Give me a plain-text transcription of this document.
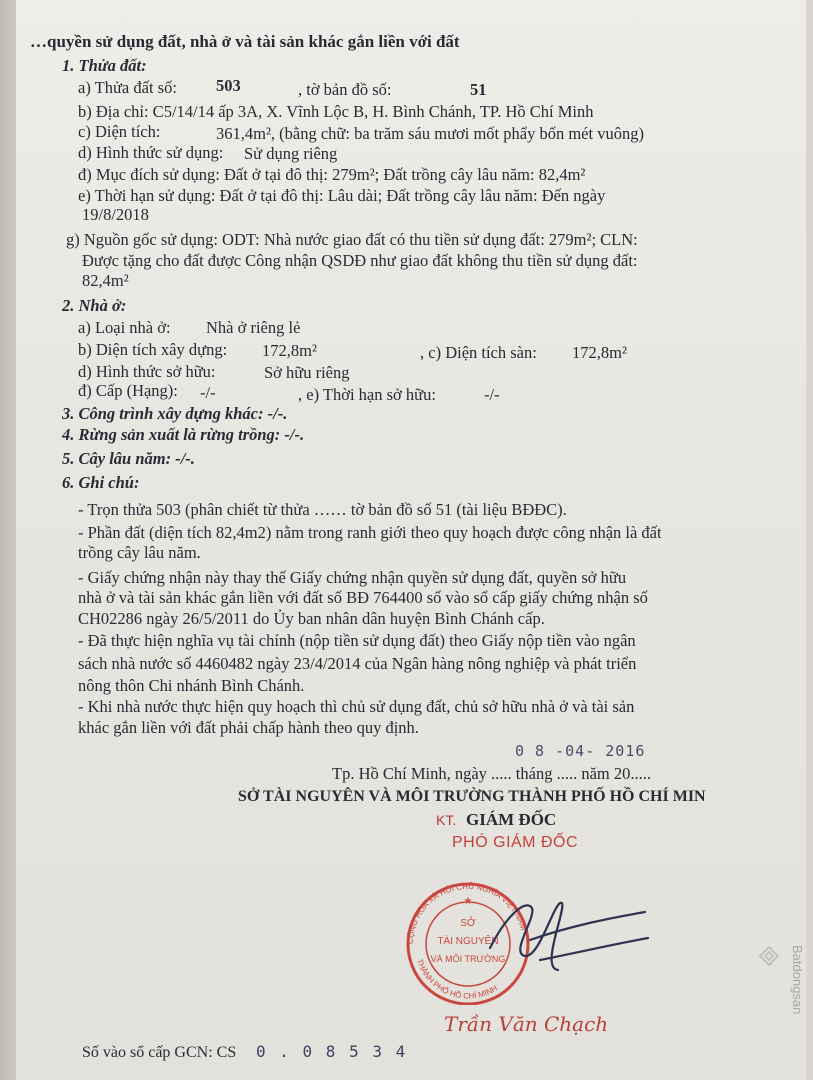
…quyền sử dụng đất, nhà ở và tài sản khác gắn liền với đất
1. Thửa đất:
a) Thửa đất số: 503	, tờ bản đồ số:	51
b) Địa chỉ: C5/14/14 ấp 3A, X. Vĩnh Lộc B, H. Bình Chánh, TP. Hồ Chí Minh
c) Diện tích:	361,4m², (bằng chữ: ba trăm sáu mươi mốt phẩy bốn mét vuông)
d) Hình thức sử dụng: Sử dụng riêng
đ) Mục đích sử dụng: Đất ở tại đô thị: 279m²; Đất trồng cây lâu năm: 82,4m²
e) Thời hạn sử dụng: Đất ở tại đô thị: Lâu dài; Đất trồng cây lâu năm: Đến ngày
19/8/2018
g) Nguồn gốc sử dụng: ODT: Nhà nước giao đất có thu tiền sử dụng đất: 279m²; CLN:
Được tặng cho đất được Công nhận QSDĐ như giao đất không thu tiền sử dụng đất:
82,4m²
2. Nhà ở:
a) Loại nhà ở: Nhà ở riêng lẻ
b) Diện tích xây dựng: 172,8m²	, c) Diện tích sàn: 172,8m²
d) Hình thức sở hữu:	Sở hữu riêng
đ) Cấp (Hạng): -/-	, e) Thời hạn sở hữu:	-/-
3. Công trình xây dựng khác: -/-.
4. Rừng sản xuất là rừng trồng: -/-.
5. Cây lâu năm: -/-.
6. Ghi chú:
- Trọn thửa 503 (phân chiết từ thửa …… tờ bản đồ số 51 (tài liệu BĐĐC).
- Phần đất (diện tích 82,4m2) nằm trong ranh giới theo quy hoạch được công nhận là đất
trồng cây lâu năm.
- Giấy chứng nhận này thay thế Giấy chứng nhận quyền sử dụng đất, quyền sở hữu
nhà ở và tài sản khác gắn liền với đất số BĐ 764400 số vào sổ cấp giấy chứng nhận số
CH02286 ngày 26/5/2011 do Ủy ban nhân dân huyện Bình Chánh cấp.
- Đã thực hiện nghĩa vụ tài chính (nộp tiền sử dụng đất) theo Giấy nộp tiền vào ngân
sách nhà nước số 4460482 ngày 23/4/2014 của Ngân hàng nông nghiệp và phát triển
nông thôn Chi nhánh Bình Chánh.
- Khi nhà nước thực hiện quy hoạch thì chủ sử dụng đất, chủ sở hữu nhà ở và tài sản
khác gắn liền với đất phải chấp hành theo quy định.
0 8 -04- 2016
Tp. Hồ Chí Minh, ngày ..... tháng ..... năm 20.....
SỞ TÀI NGUYÊN VÀ MÔI TRƯỜNG THÀNH PHỐ HỒ CHÍ MIN
KT. GIÁM ĐỐC
PHÓ GIÁM ĐỐC
CỘNG HÒA XÃ HỘI CHỦ NGHĨA VIỆT NAM
THÀNH PHỐ HỒ CHÍ MINH
SỞ
TÀI NGUYÊN
VÀ MÔI TRƯỜNG
★
Trần Văn Chạch
Số vào sổ cấp GCN: CS 0 . 0 8 5 3 4
Batdongsan
